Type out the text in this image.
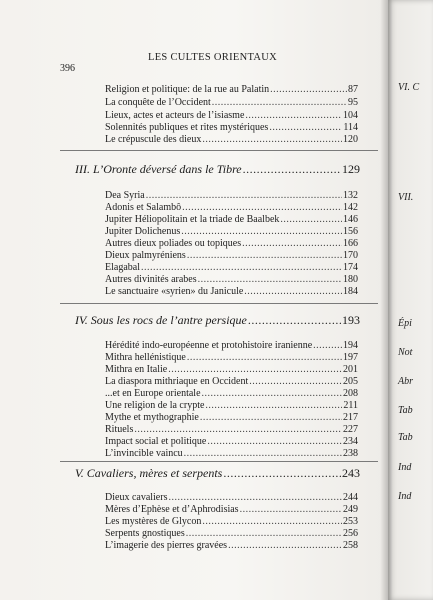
LES CULTES ORIENTAUX
396
Religion et politique: de la rue au Palatin .....	87
La conquête de l’Occident .....	95
Lieux, actes et acteurs de l’isiasme .....	104
Solennités publiques et rites mystériques .....	114
Le crépuscule des dieux .....	120
III. L’Oronte déversé dans le Tibre .....	129
Dea Syria .....	132
Adonis et Salambô .....	142
Jupiter Héliopolitain et la triade de Baalbek .....	146
Jupiter Dolichenus .....	156
Autres dieux poliades ou topiques .....	166
Dieux palmyréniens .....	170
Elagabal .....	174
Autres divinités arabes .....	180
Le sanctuaire «syrien» du Janicule .....	184
IV. Sous les rocs de l’antre persique .....	193
Hérédité indo-européenne et protohistoire iranienne .....	194
Mithra hellénistique .....	197
Mithra en Italie .....	201
La diaspora mithriaque en Occident .....	205
...et en Europe orientale .....	208
Une religion de la crypte .....	211
Mythe et mythographie .....	217
Rituels .....	227
Impact social et politique .....	234
L’invincible vaincu .....	238
V. Cavaliers, mères et serpents .....	243
Dieux cavaliers .....	244
Mères d’Ephèse et d’Aphrodisias .....	249
Les mystères de Glycon .....	253
Serpents gnostiques .....	256
L’imagerie des pierres gravées .....	258
VI. C
VII.
Épi
Not
Abr
Tab
Tab
Ind
Ind
